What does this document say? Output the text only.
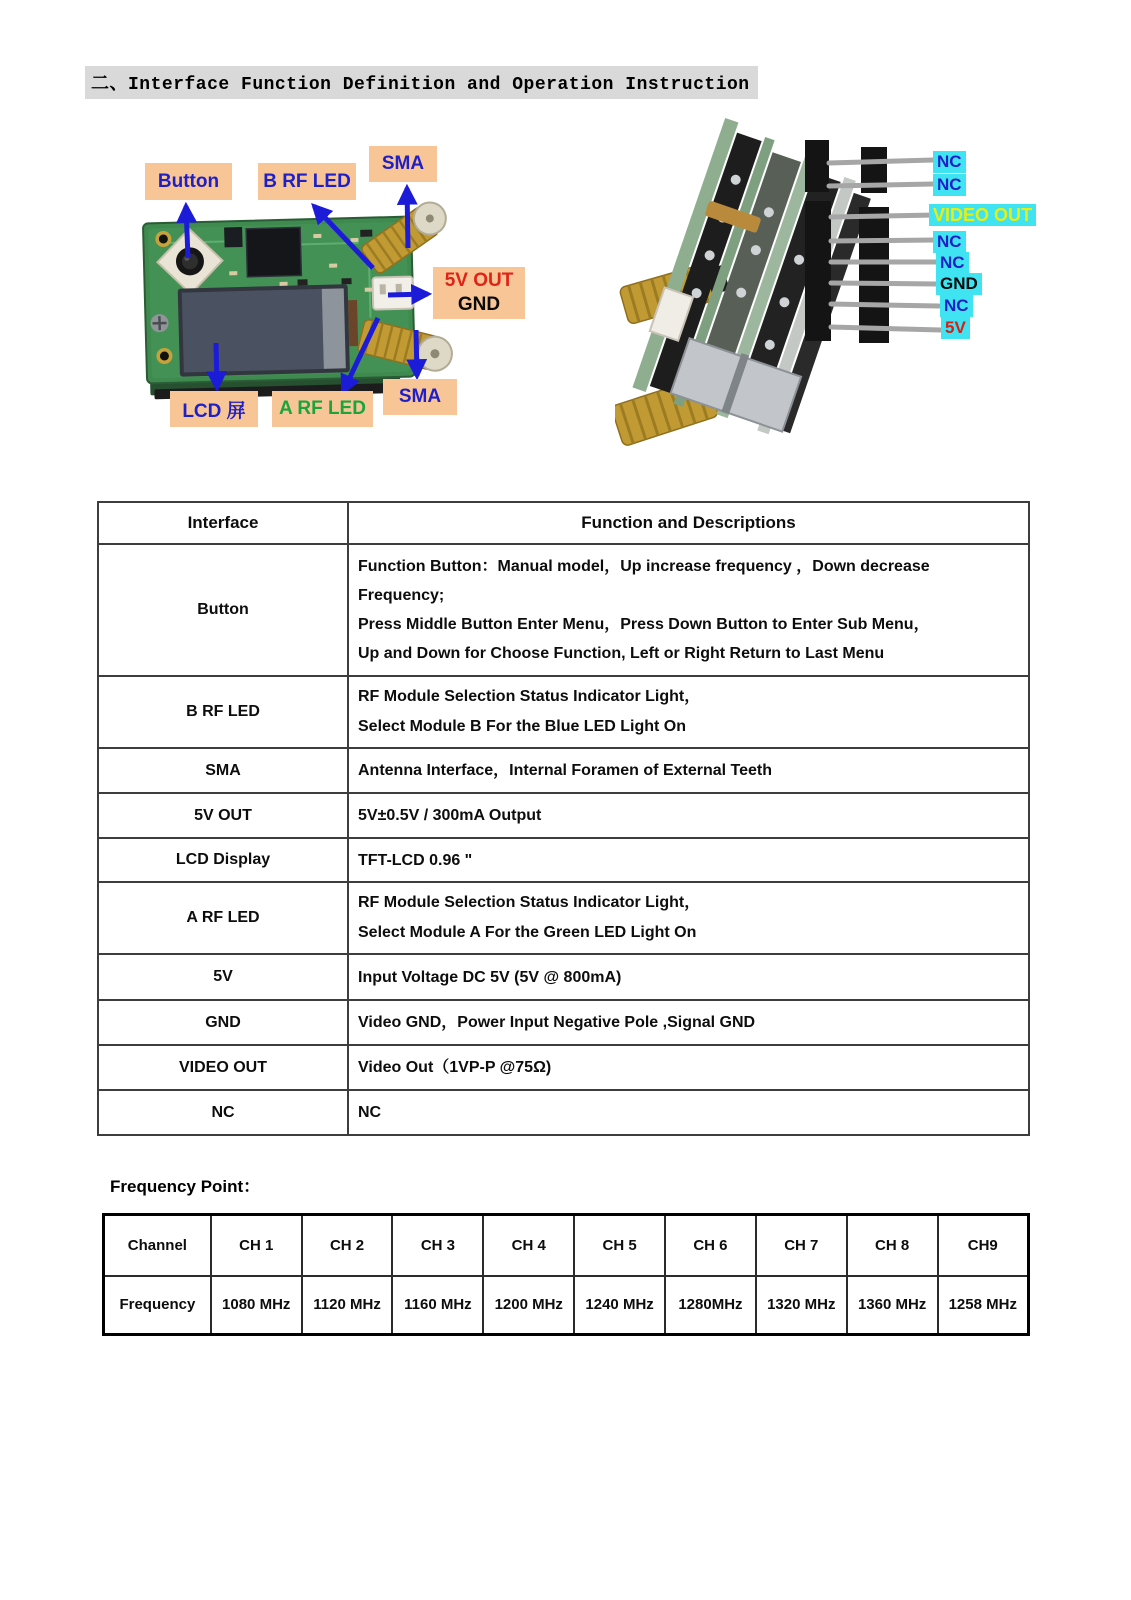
二、Interface Function Definition and Operation Instruction
Button	B RF LED
SMA
5V OUT
GND
LCD 屏	A RF LED
SMA
NC
NC
VIDEO OUT
NC
NC
GND
NC
5V
Interface	Function and Descriptions
Button	Function Button：Manual model，Up increase frequency ，Down decrease
Frequency;
Press Middle Button Enter Menu，Press Down Button to Enter Sub Menu，
Up and Down for Choose Function, Left or Right Return to Last Menu

B RF LED	RF Module Selection Status Indicator Light，
Select Module B For the Blue LED Light On

SMA	Antenna Interface，Internal Foramen of External Teeth

5V OUT	5V±0.5V / 300mA Output

LCD Display	TFT-LCD 0.96 "

A RF LED	RF Module Selection Status Indicator Light，
Select Module A For the Green LED Light On

5V	Input Voltage DC 5V (5V @ 800mA)

GND	Video GND，Power Input Negative Pole ,Signal GND

VIDEO OUT	Video Out（1VP-P @75Ω)

NC	NC
Frequency Point：
Channel	CH 1	CH 2	CH 3	CH 4	CH 5	CH 6	CH 7	CH 8	CH9
Frequency	1080 MHz	1120 MHz	1160 MHz	1200 MHz	1240 MHz	1280MHz	1320 MHz	1360 MHz	1258 MHz
